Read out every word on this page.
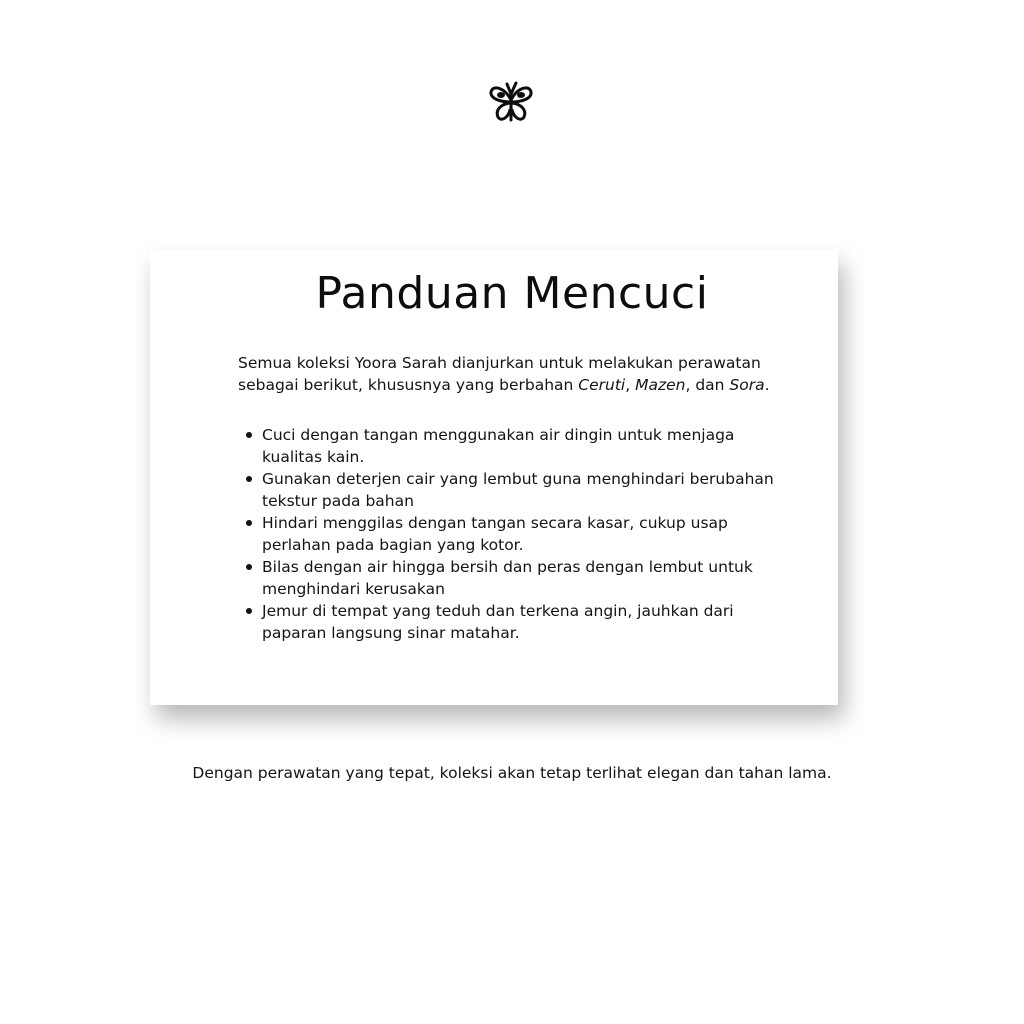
Panduan Mencuci

Semua koleksi Yoora Sarah dianjurkan untuk melakukan perawatan sebagai berikut, khususnya yang berbahan Ceruti, Mazen, dan Sora.

Cuci dengan tangan menggunakan air dingin untuk menjaga kualitas kain.
Gunakan deterjen cair yang lembut guna menghindari berubahan tekstur pada bahan
Hindari menggilas dengan tangan secara kasar, cukup usap perlahan pada bagian yang kotor.
Bilas dengan air hingga bersih dan peras dengan lembut untuk menghindari kerusakan
Jemur di tempat yang teduh dan terkena angin, jauhkan dari paparan langsung sinar matahar.

Dengan perawatan yang tepat, koleksi akan tetap terlihat elegan dan tahan lama.
